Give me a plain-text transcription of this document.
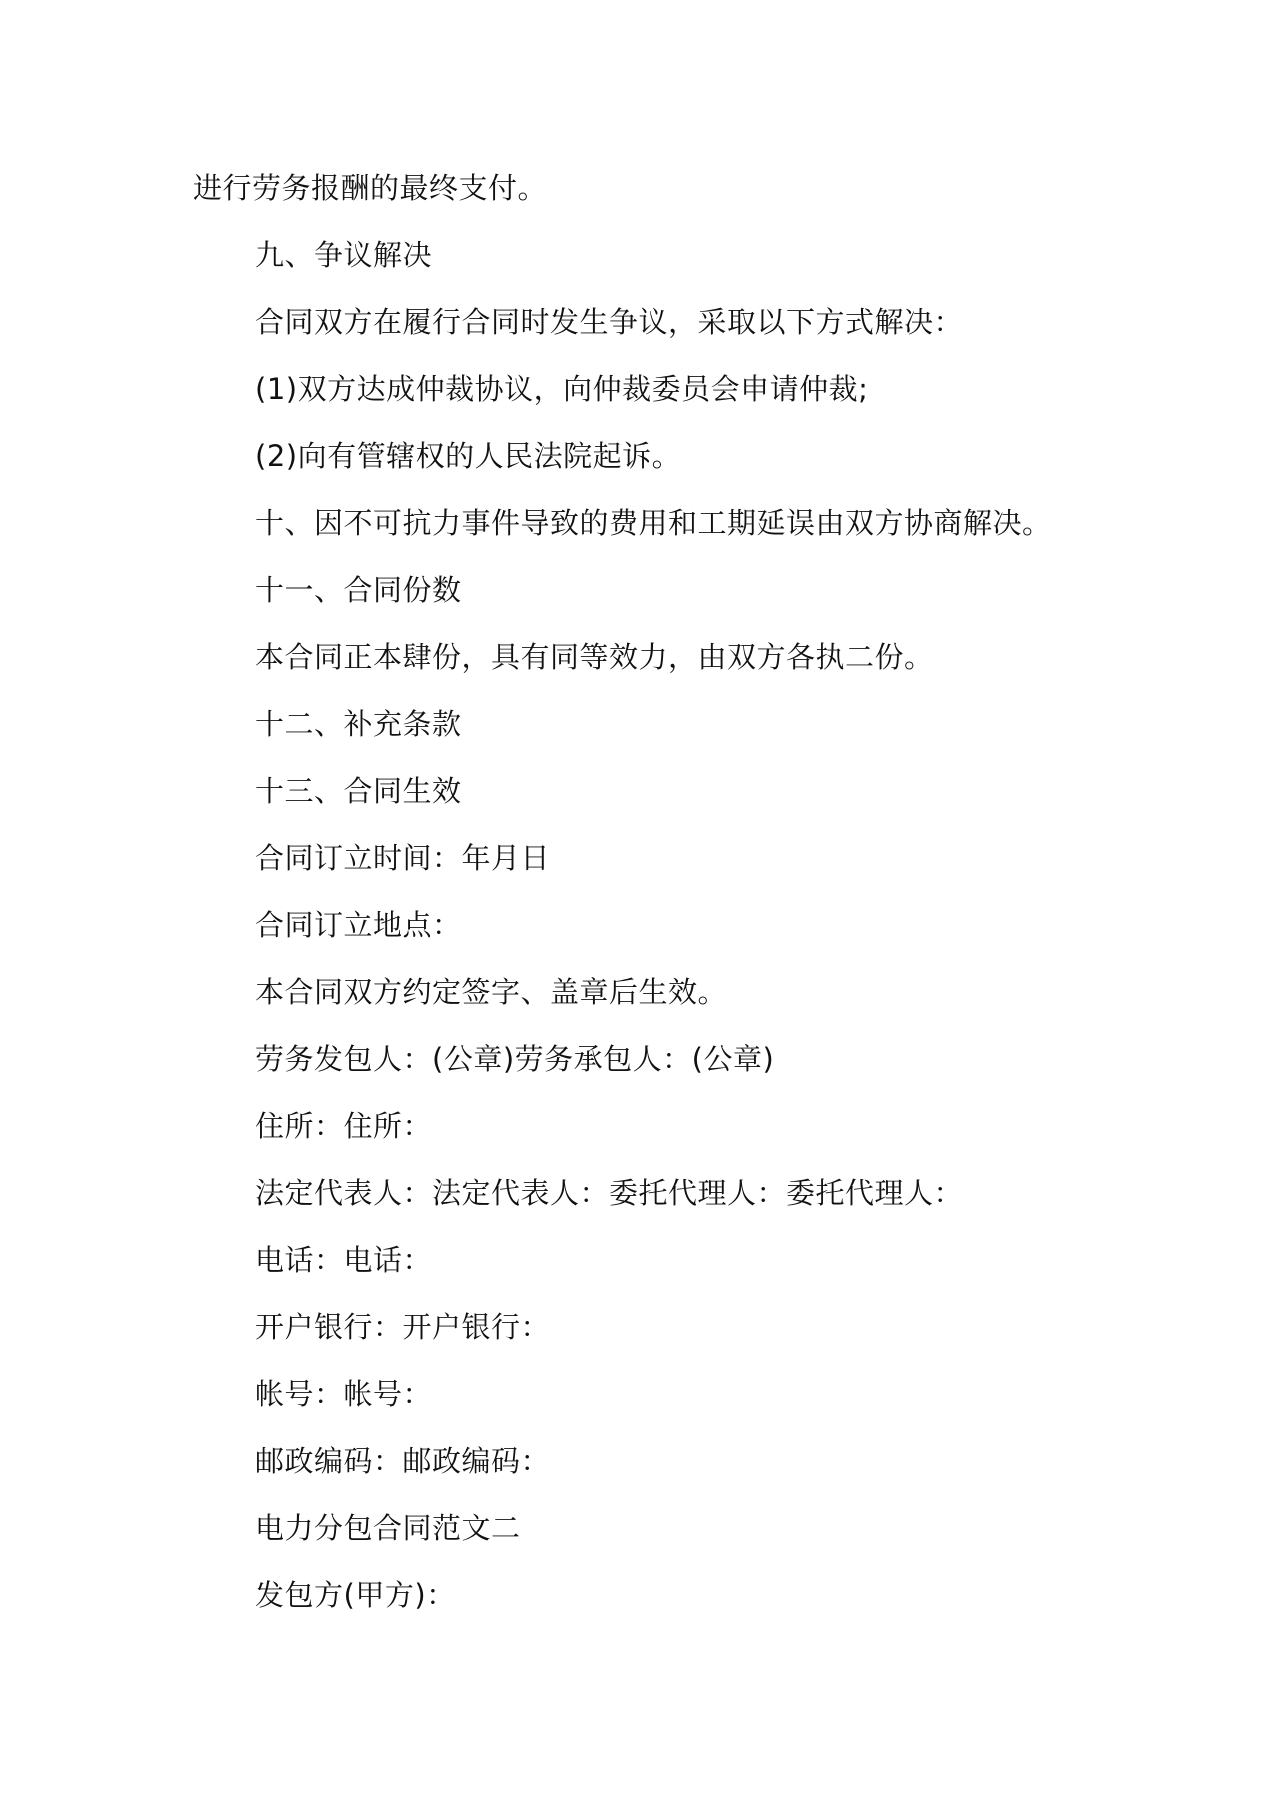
进行劳务报酬的最终支付。
九、争议解决
合同双方在履行合同时发生争议，采取以下方式解决：
(1)双方达成仲裁协议，向仲裁委员会申请仲裁;
(2)向有管辖权的人民法院起诉。
十、因不可抗力事件导致的费用和工期延误由双方协商解决。
十一、合同份数
本合同正本肆份，具有同等效力，由双方各执二份。
十二、补充条款
十三、合同生效
合同订立时间：年月日
合同订立地点：
本合同双方约定签字、盖章后生效。
劳务发包人：(公章)劳务承包人：(公章)
住所：住所：
法定代表人：法定代表人：委托代理人：委托代理人：
电话：电话：
开户银行：开户银行：
帐号：帐号：
邮政编码：邮政编码：
电力分包合同范文二
发包方(甲方)：
